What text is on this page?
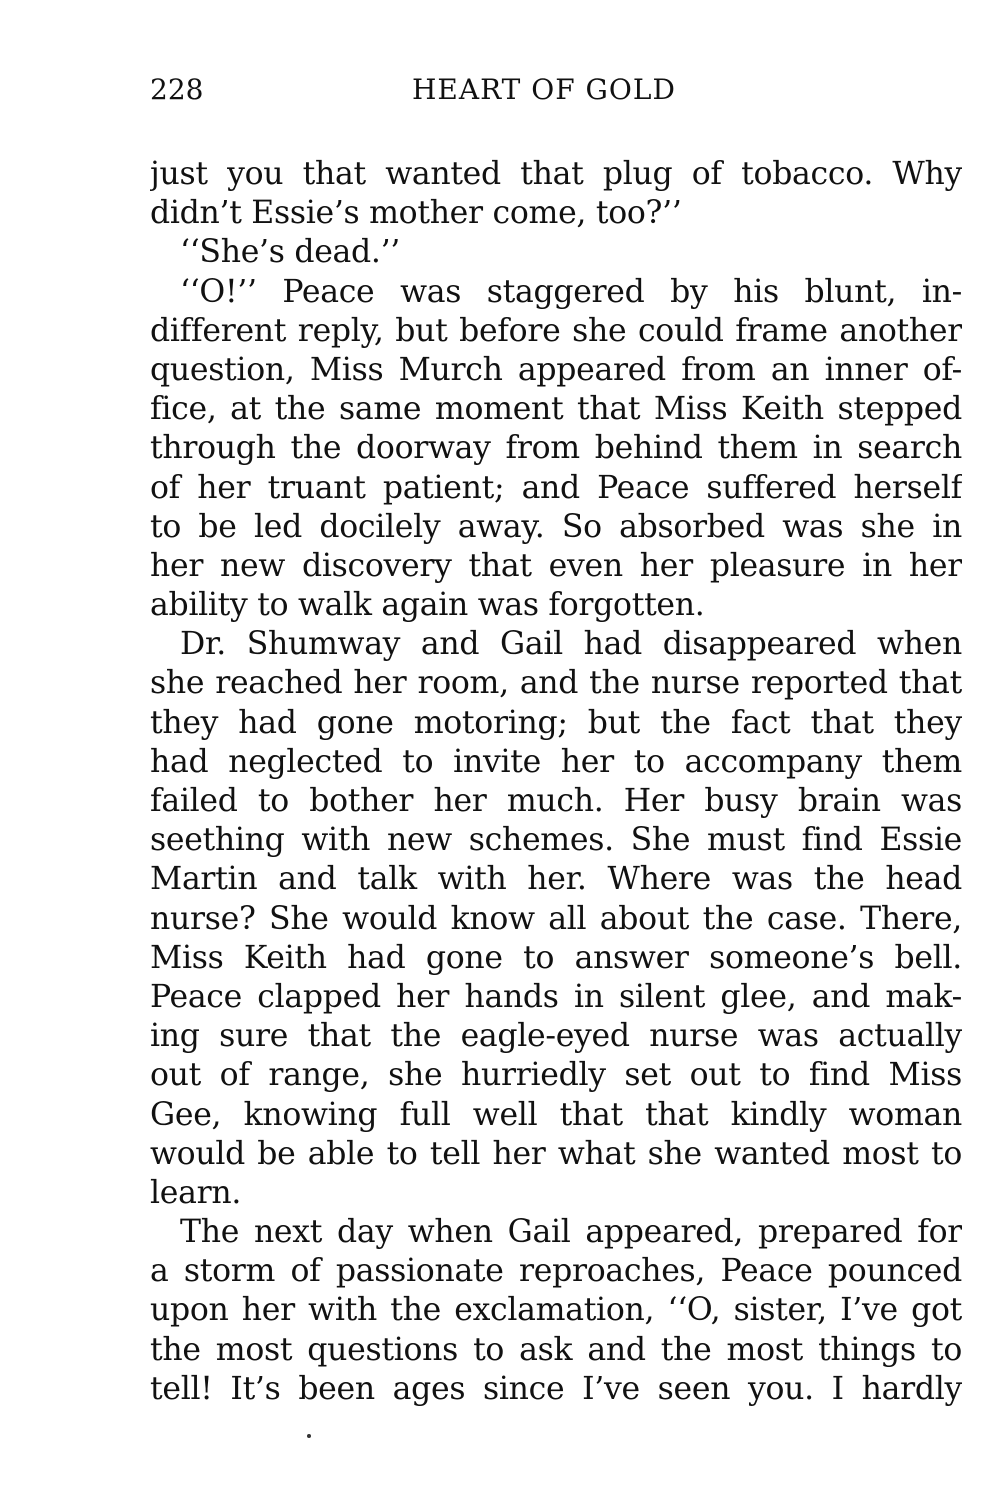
228	HEART OF GOLD
just you that wanted that plug of tobacco. Why
didn’t Essie’s mother come, too?’’
‘‘She’s dead.’’
‘‘O!’’ Peace was staggered by his blunt, in-
different reply, but before she could frame another
question, Miss Murch appeared from an inner of-
fice, at the same moment that Miss Keith stepped
through the doorway from behind them in search
of her truant patient; and Peace suffered herself
to be led docilely away. So absorbed was she in
her new discovery that even her pleasure in her
ability to walk again was forgotten.
Dr. Shumway and Gail had disappeared when
she reached her room, and the nurse reported that
they had gone motoring; but the fact that they
had neglected to invite her to accompany them
failed to bother her much. Her busy brain was
seething with new schemes. She must find Essie
Martin and talk with her. Where was the head
nurse? She would know all about the case. There,
Miss Keith had gone to answer someone’s bell.
Peace clapped her hands in silent glee, and mak-
ing sure that the eagle-eyed nurse was actually
out of range, she hurriedly set out to find Miss
Gee, knowing full well that that kindly woman
would be able to tell her what she wanted most to
learn.
The next day when Gail appeared, prepared for
a storm of passionate reproaches, Peace pounced
upon her with the exclamation, ‘‘O, sister, I’ve got
the most questions to ask and the most things to
tell! It’s been ages since I’ve seen you. I hardly
